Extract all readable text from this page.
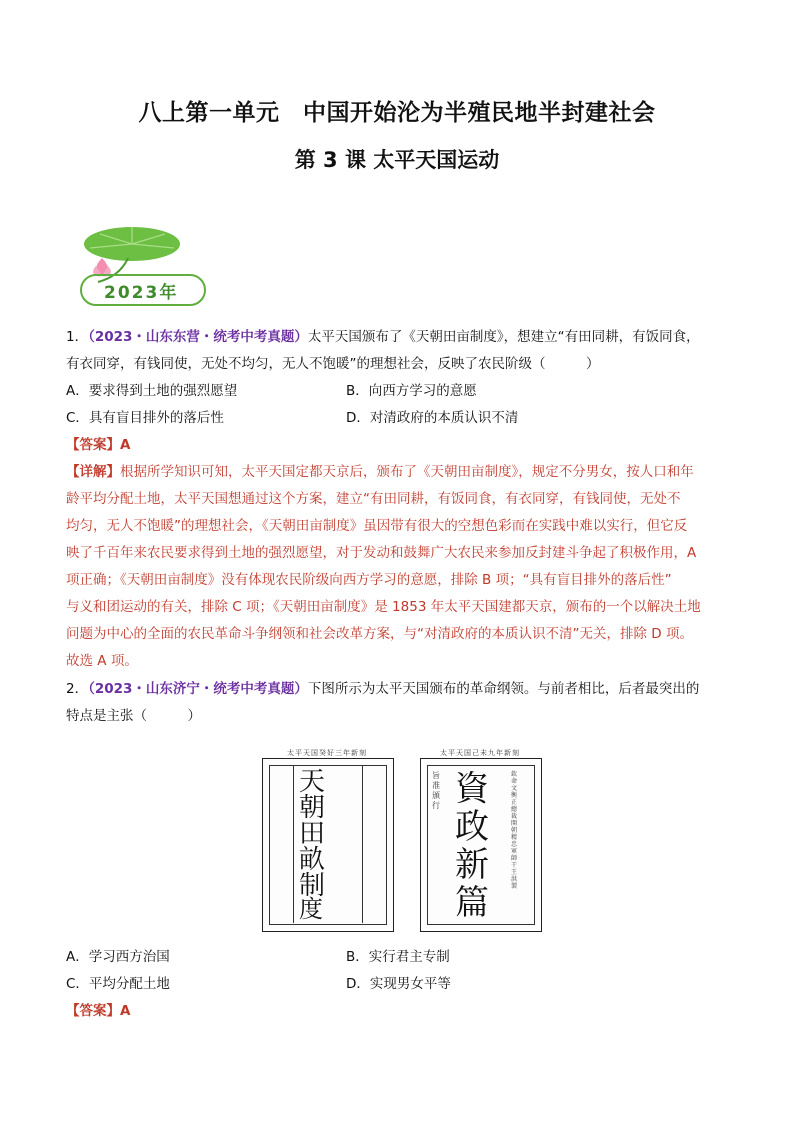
八上第一单元　中国开始沦为半殖民地半封建社会
第 3 课 太平天国运动
2023年
1．（2023・山东东营・统考中考真题）太平天国颁布了《天朝田亩制度》，想建立“有田同耕，有饭同食，
有衣同穿，有钱同使，无处不均匀，无人不饱暖”的理想社会，反映了农民阶级（　　　）
A．要求得到土地的强烈愿望	B．向西方学习的意愿
C．具有盲目排外的落后性	D．对清政府的本质认识不清
【答案】A
【详解】根据所学知识可知，太平天国定都天京后，颁布了《天朝田亩制度》，规定不分男女，按人口和年
龄平均分配土地，太平天国想通过这个方案，建立“有田同耕，有饭同食，有衣同穿，有钱同使，无处不
均匀，无人不饱暖”的理想社会，《天朝田亩制度》虽因带有很大的空想色彩而在实践中难以实行，但它反
映了千百年来农民要求得到土地的强烈愿望，对于发动和鼓舞广大农民来参加反封建斗争起了积极作用，A
项正确；《天朝田亩制度》没有体现农民阶级向西方学习的意愿，排除 B 项；“具有盲目排外的落后性”
与义和团运动的有关，排除 C 项；《天朝田亩制度》是 1853 年太平天国建都天京，颁布的一个以解决土地
问题为中心的全面的农民革命斗争纲领和社会改革方案，与“对清政府的本质认识不清”无关，排除 D 项。
故选 A 项。
2．（2023・山东济宁・统考中考真题）下图所示为太平天国颁布的革命纲领。与前者相比，后者最突出的
特点是主张（　　　）
太平天国癸好三年新刻
天
朝
田
畝
制
度
太平天国己未九年新刻
旨准頒行
欽命文衡正總裁開朝精忠軍師干王洪　製
資
政
新
篇
A．学习西方治国	B．实行君主专制
C．平均分配土地	D．实现男女平等
【答案】A
